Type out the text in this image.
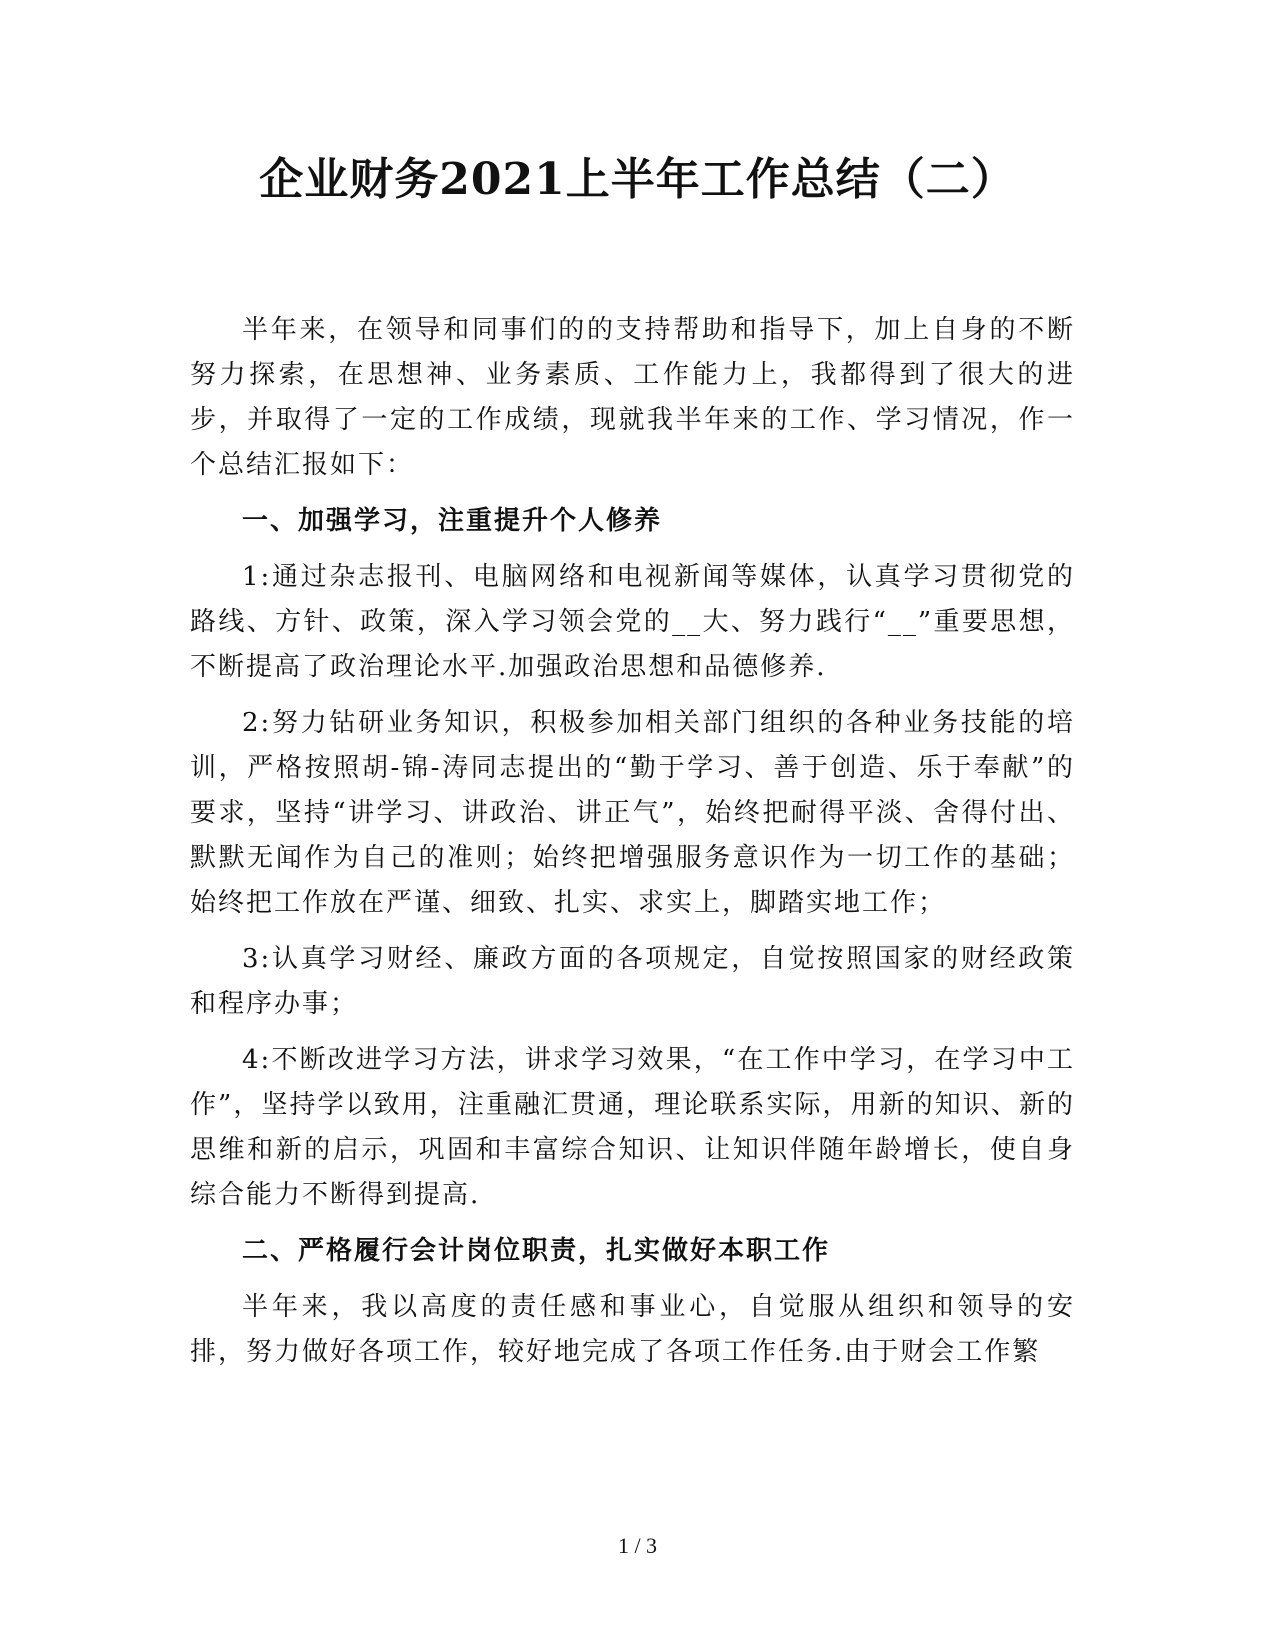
企业财务2021上半年工作总结（二）

半年来，在领导和同事们的的支持帮助和指导下，加上自身的不断努力探索，在思想神、业务素质、工作能力上，我都得到了很大的进步，并取得了一定的工作成绩，现就我半年来的工作、学习情况，作一个总结汇报如下：

一、加强学习，注重提升个人修养

1:通过杂志报刊、电脑网络和电视新闻等媒体，认真学习贯彻党的路线、方针、政策，深入学习领会党的__大、努力践行“__”重要思想，不断提高了政治理论水平.加强政治思想和品德修养.

2:努力钻研业务知识，积极参加相关部门组织的各种业务技能的培训，严格按照胡-锦-涛同志提出的“勤于学习、善于创造、乐于奉献”的要求，坚持“讲学习、讲政治、讲正气”，始终把耐得平淡、舍得付出、默默无闻作为自己的准则；始终把增强服务意识作为一切工作的基础；始终把工作放在严谨、细致、扎实、求实上，脚踏实地工作；

3:认真学习财经、廉政方面的各项规定，自觉按照国家的财经政策和程序办事；

4:不断改进学习方法，讲求学习效果，“在工作中学习，在学习中工作”，坚持学以致用，注重融汇贯通，理论联系实际，用新的知识、新的思维和新的启示，巩固和丰富综合知识、让知识伴随年龄增长，使自身综合能力不断得到提高.

二、严格履行会计岗位职责，扎实做好本职工作

半年来，我以高度的责任感和事业心，自觉服从组织和领导的安排，努力做好各项工作，较好地完成了各项工作任务.由于财会工作繁

1 / 3
